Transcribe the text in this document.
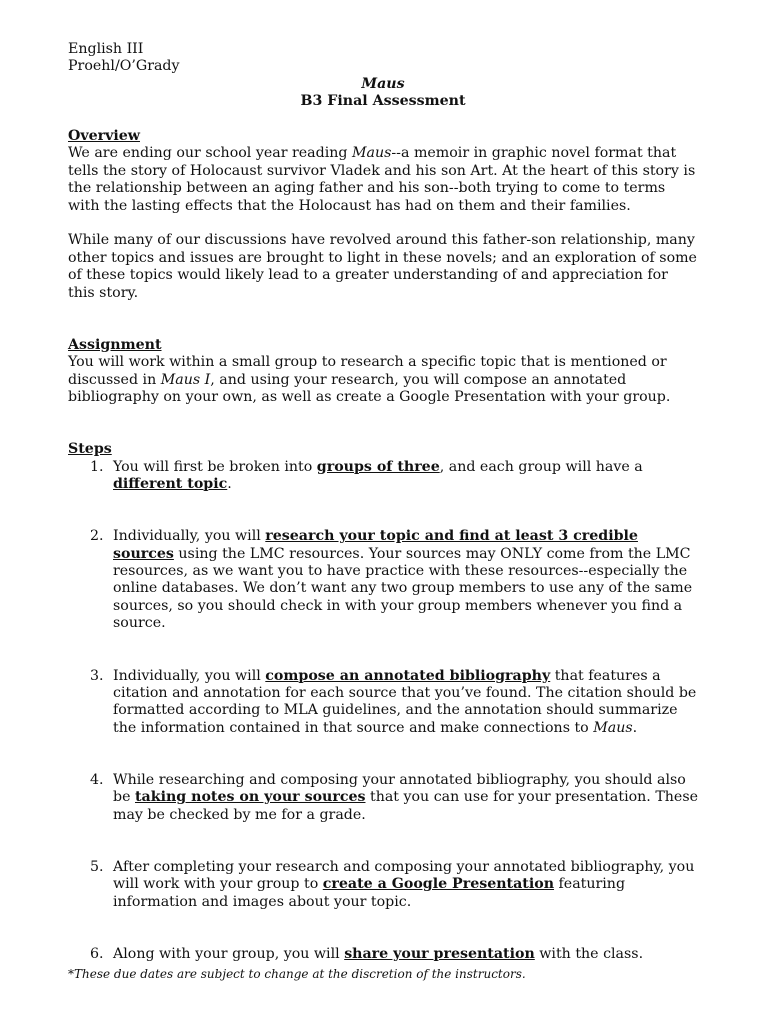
English III

Proehl/O’Grady

Maus

B3 Final Assessment

Overview

We are ending our school year reading Maus--a memoir in graphic novel format that tells the story of Holocaust survivor Vladek and his son Art. At the heart of this story is the relationship between an aging father and his son--both trying to come to terms with the lasting effects that the Holocaust has had on them and their families.

While many of our discussions have revolved around this father-son relationship, many other topics and issues are brought to light in these novels; and an exploration of some of these topics would likely lead to a greater understanding of and appreciation for this story.

Assignment

You will work within a small group to research a specific topic that is mentioned or discussed in Maus I, and using your research, you will compose an annotated bibliography on your own, as well as create a Google Presentation with your group.

Steps

1. You will first be broken into groups of three, and each group will have a different topic.
2. Individually, you will research your topic and find at least 3 credible sources using the LMC resources. Your sources may ONLY come from the LMC resources, as we want you to have practice with these resources--especially the online databases. We don’t want any two group members to use any of the same sources, so you should check in with your group members whenever you find a source.
3. Individually, you will compose an annotated bibliography that features a citation and annotation for each source that you’ve found. The citation should be formatted according to MLA guidelines, and the annotation should summarize the information contained in that source and make connections to Maus.
4. While researching and composing your annotated bibliography, you should also be taking notes on your sources that you can use for your presentation. These may be checked by me for a grade.
5. After completing your research and composing your annotated bibliography, you will work with your group to create a Google Presentation featuring information and images about your topic.
6. Along with your group, you will share your presentation with the class.

*These due dates are subject to change at the discretion of the instructors.
